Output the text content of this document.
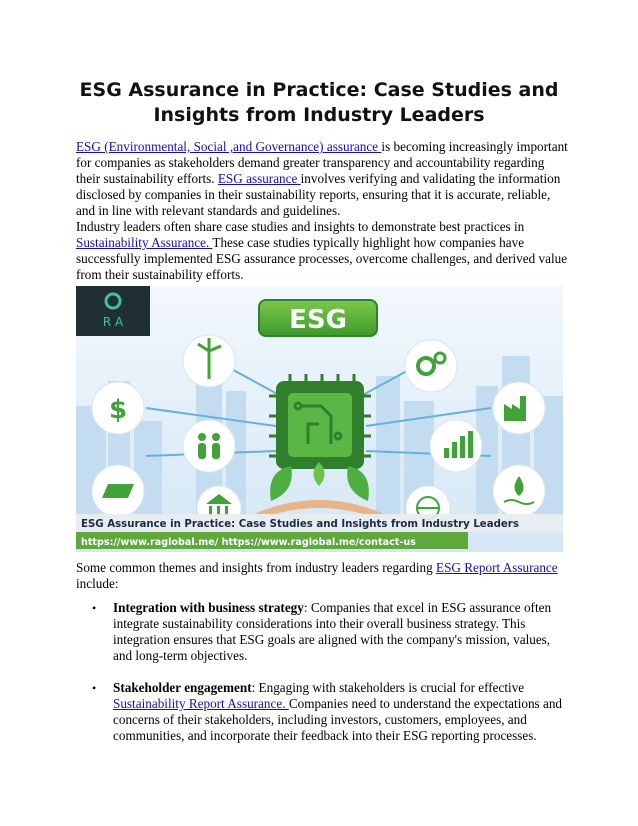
ESG Assurance in Practice: Case Studies and Insights from Industry Leaders

ESG (Environmental, Social ,and Governance) assurance is becoming increasingly important for companies as stakeholders demand greater transparency and accountability regarding their sustainability efforts. ESG assurance involves verifying and validating the information disclosed by companies in their sustainability reports, ensuring that it is accurate, reliable, and in line with relevant standards and guidelines.

Industry leaders often share case studies and insights to demonstrate best practices in Sustainability Assurance. These case studies typically highlight how companies have successfully implemented ESG assurance processes, overcome challenges, and derived value from their sustainability efforts.

R A	ESG
$
ESG Assurance in Practice: Case Studies and Insights from Industry Leaders
https://www.raglobal.me/ https://www.raglobal.me/contact-us

Some common themes and insights from industry leaders regarding ESG Report Assurance include:

• Integration with business strategy: Companies that excel in ESG assurance often integrate sustainability considerations into their overall business strategy. This integration ensures that ESG goals are aligned with the company's mission, values, and long-term objectives.
• Stakeholder engagement: Engaging with stakeholders is crucial for effective Sustainability Report Assurance. Companies need to understand the expectations and concerns of their stakeholders, including investors, customers, employees, and communities, and incorporate their feedback into their ESG reporting processes.
